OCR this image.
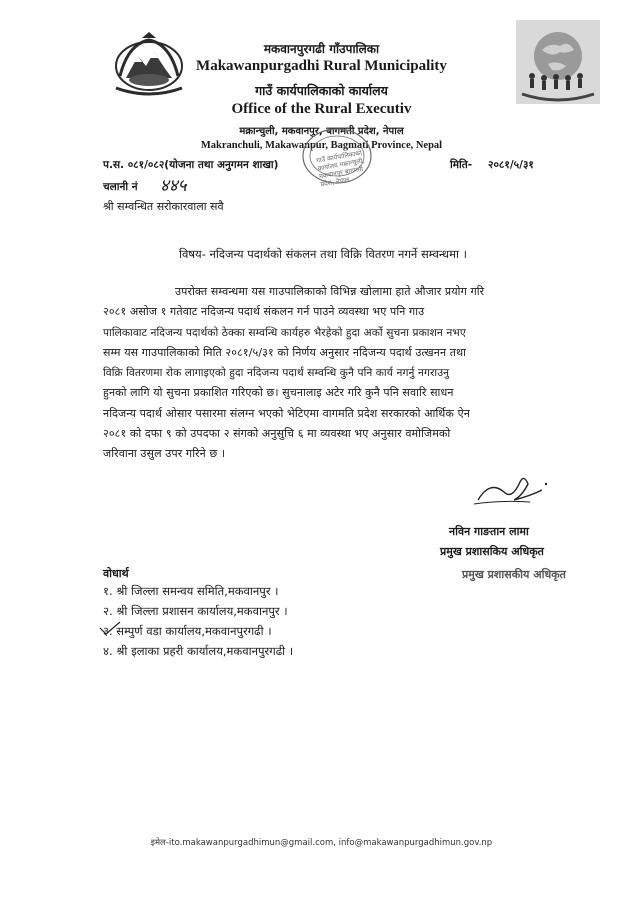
मकवानपुरगढी गाँउपालिका
Makawanpurgadhi Rural Municipality
गाउँ कार्यपालिकाको कार्यालय
Office of the Rural Executiv
मक्रान्चुली, मकवानपुर, बागमती प्रदेश, नेपाल
Makranchuli, Makawanpur, Bagmati Province, Nepal
गाउँ कार्यपालिकाको कार्यालय मक्रान्चुली, मकवानपुर बागमती प्रदेश, नेपाल
प.स. ०८१/०८२(योजना तथा अनुगमन शाखा)	मिति- २०८१/५/३१
चलानी नं ४४५
श्री सम्वन्धित सरोकारवाला सवै
विषय- नदिजन्य पदार्थको संकलन तथा विक्रि वितरण नगर्ने सम्वन्धमा ।
उपरोक्त सम्वन्धमा यस गाउपालिकाको विभिन्न खोलामा हाते औजार प्रयोग गरि
२०८१ असोज १ गतेवाट नदिजन्य पदार्थ संकलन गर्न पाउने व्यवस्था भए पनि गाउ
पालिकावाट नदिजन्य पदार्थको ठेक्का सम्वन्धि कार्यहरु भैरहेको हुदा अर्को सुचना प्रकाशन नभए
सम्म यस गाउपालिकाको मिति २०८१/५/३१ को निर्णय अनुसार नदिजन्य पदार्थ उत्खनन तथा
विक्रि वितरणमा रोक लागाइएको हुदा नदिजन्य पदार्थ सम्वन्धि कुनै पनि कार्य नगर्नु नगराउनु
हुनको लागि यो सुचना प्रकाशित गरिएको छ। सुचनालाइ अटेर गरि कुनै पनि सवारि साधन
नदिजन्य पदार्थ ओसार पसारमा संलग्न भएको भेटिएमा वागमति प्रदेश सरकारको आर्थिक ऐन
२०८१ को दफा ९ को उपदफा २ संगको अनुसुचि ६ मा व्यवस्था भए अनुसार वमोजिमको
जरिवाना उसुल उपर गरिने छ ।
नविन गाङतान लामा
प्रमुख प्रशासकिय अधिकृत
प्रमुख प्रशासकीय अधिकृत
वोधार्थ
१. श्री जिल्ला समन्वय समिति,मकवानपुर ।
२. श्री जिल्ला प्रशासन कार्यालय,मकवानपुर ।
३. सम्पुर्ण वडा कार्यालय,मकवानपुरगढी ।
४. श्री इलाका प्रहरी कार्यालय,मकवानपुरगढी ।
इमेल-ito.makawanpurgadhimun@gmail.com, info@makawanpurgadhimun.gov.np
